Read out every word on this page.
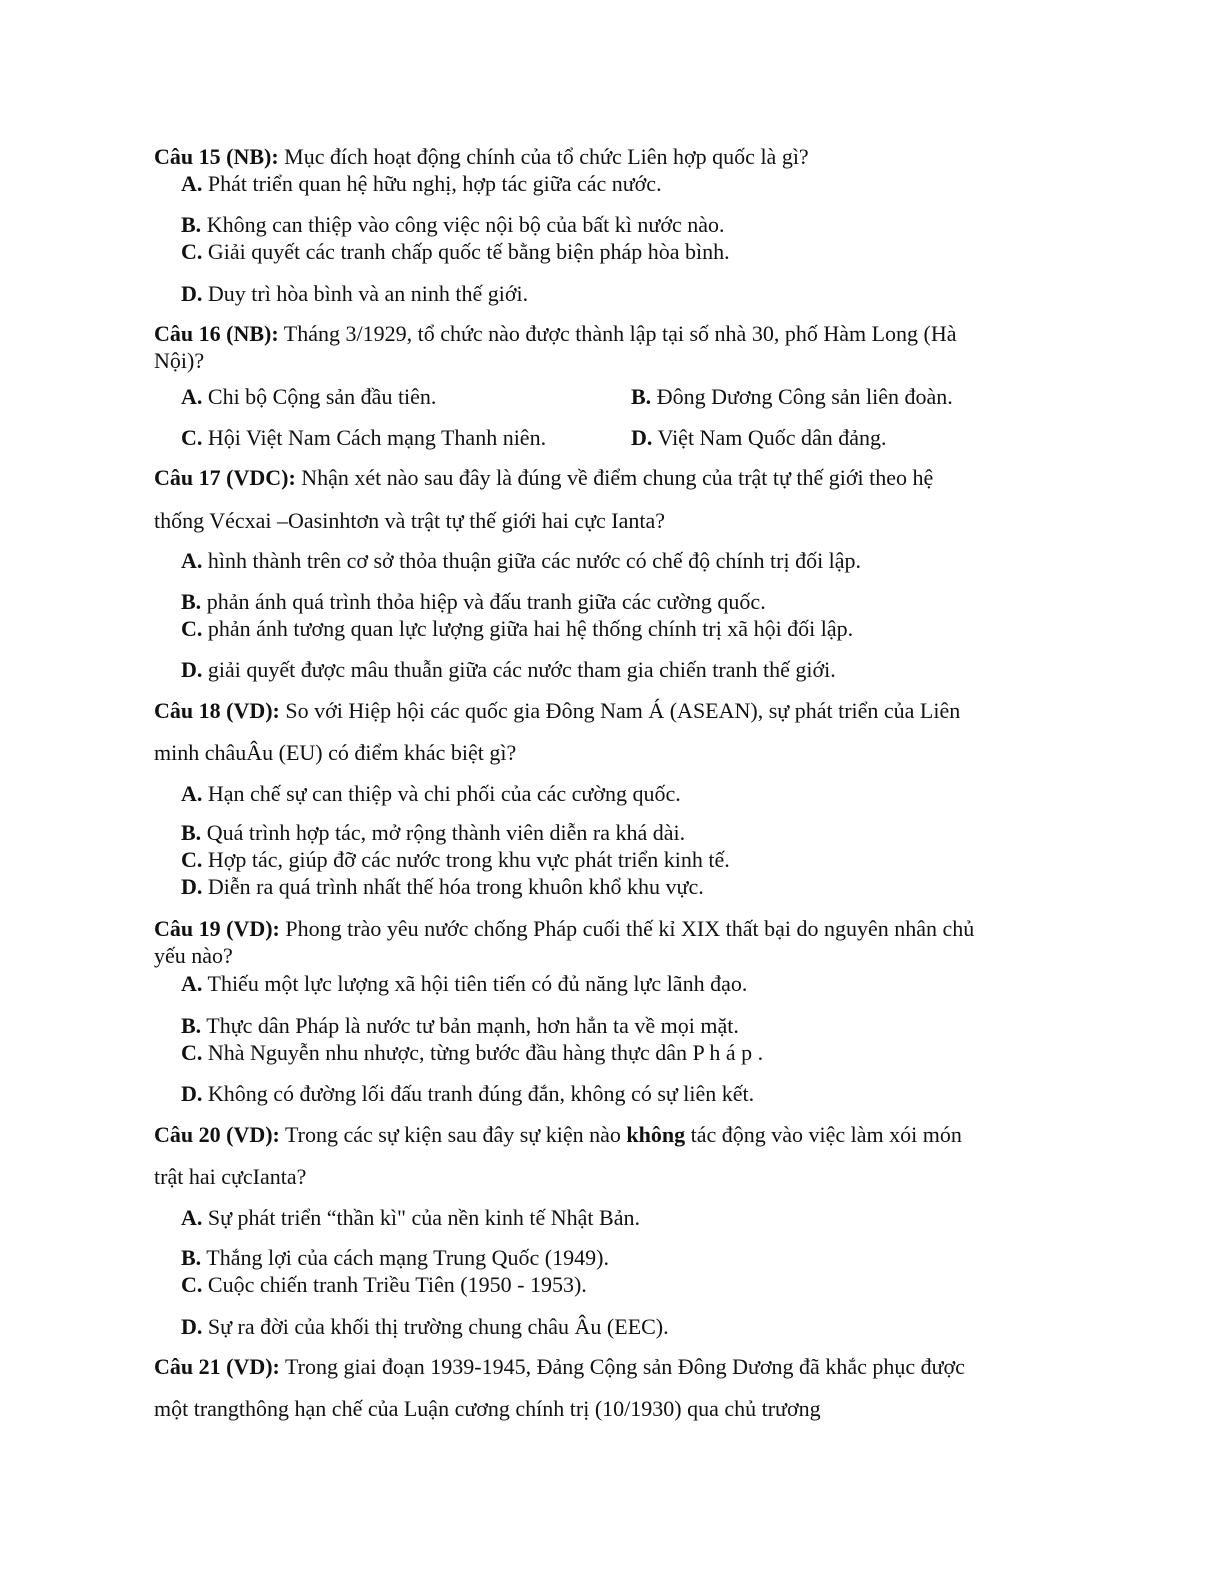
Câu 15 (NB): Mục đích hoạt động chính của tổ chức Liên hợp quốc là gì?
A. Phát triển quan hệ hữu nghị, hợp tác giữa các nước.
B. Không can thiệp vào công việc nội bộ của bất kì nước nào.
C. Giải quyết các tranh chấp quốc tế bằng biện pháp hòa bình.
D. Duy trì hòa bình và an ninh thế giới.
Câu 16 (NB): Tháng 3/1929, tổ chức nào được thành lập tại số nhà 30, phố Hàm Long (Hà
Nội)?
A. Chi bộ Cộng sản đầu tiên.	B. Đông Dương Công sản liên đoàn.
C. Hội Việt Nam Cách mạng Thanh niên.	D. Việt Nam Quốc dân đảng.
Câu 17 (VDC): Nhận xét nào sau đây là đúng về điểm chung của trật tự thế giới theo hệ
thống Vécxai –Oasinhtơn và trật tự thế giới hai cực Ianta?
A. hình thành trên cơ sở thỏa thuận giữa các nước có chế độ chính trị đối lập.
B. phản ánh quá trình thỏa hiệp và đấu tranh giữa các cường quốc.
C. phản ánh tương quan lực lượng giữa hai hệ thống chính trị xã hội đối lập.
D. giải quyết được mâu thuẫn giữa các nước tham gia chiến tranh thế giới.
Câu 18 (VD): So với Hiệp hội các quốc gia Đông Nam Á (ASEAN), sự phát triển của Liên
minh châuÂu (EU) có điểm khác biệt gì?
A. Hạn chế sự can thiệp và chi phối của các cường quốc.
B. Quá trình hợp tác, mở rộng thành viên diễn ra khá dài.
C. Hợp tác, giúp đỡ các nước trong khu vực phát triển kinh tế.
D. Diễn ra quá trình nhất thế hóa trong khuôn khổ khu vực.
Câu 19 (VD): Phong trào yêu nước chống Pháp cuối thế kỉ XIX thất bại do nguyên nhân chủ
yếu nào?
A. Thiếu một lực lượng xã hội tiên tiến có đủ năng lực lãnh đạo.
B. Thực dân Pháp là nước tư bản mạnh, hơn hẳn ta về mọi mặt.
C. Nhà Nguyễn nhu nhược, từng bước đầu hàng thực dân P h á p .
D. Không có đường lối đấu tranh đúng đắn, không có sự liên kết.
Câu 20 (VD): Trong các sự kiện sau đây sự kiện nào không tác động vào việc làm xói món
trật hai cựcIanta?
A. Sự phát triển “thần kì" của nền kinh tế Nhật Bản.
B. Thắng lợi của cách mạng Trung Quốc (1949).
C. Cuộc chiến tranh Triều Tiên (1950 - 1953).
D. Sự ra đời của khối thị trường chung châu Âu (EEC).
Câu 21 (VD): Trong giai đoạn 1939-1945, Đảng Cộng sản Đông Dương đã khắc phục được
một trangthông hạn chế của Luận cương chính trị (10/1930) qua chủ trương
